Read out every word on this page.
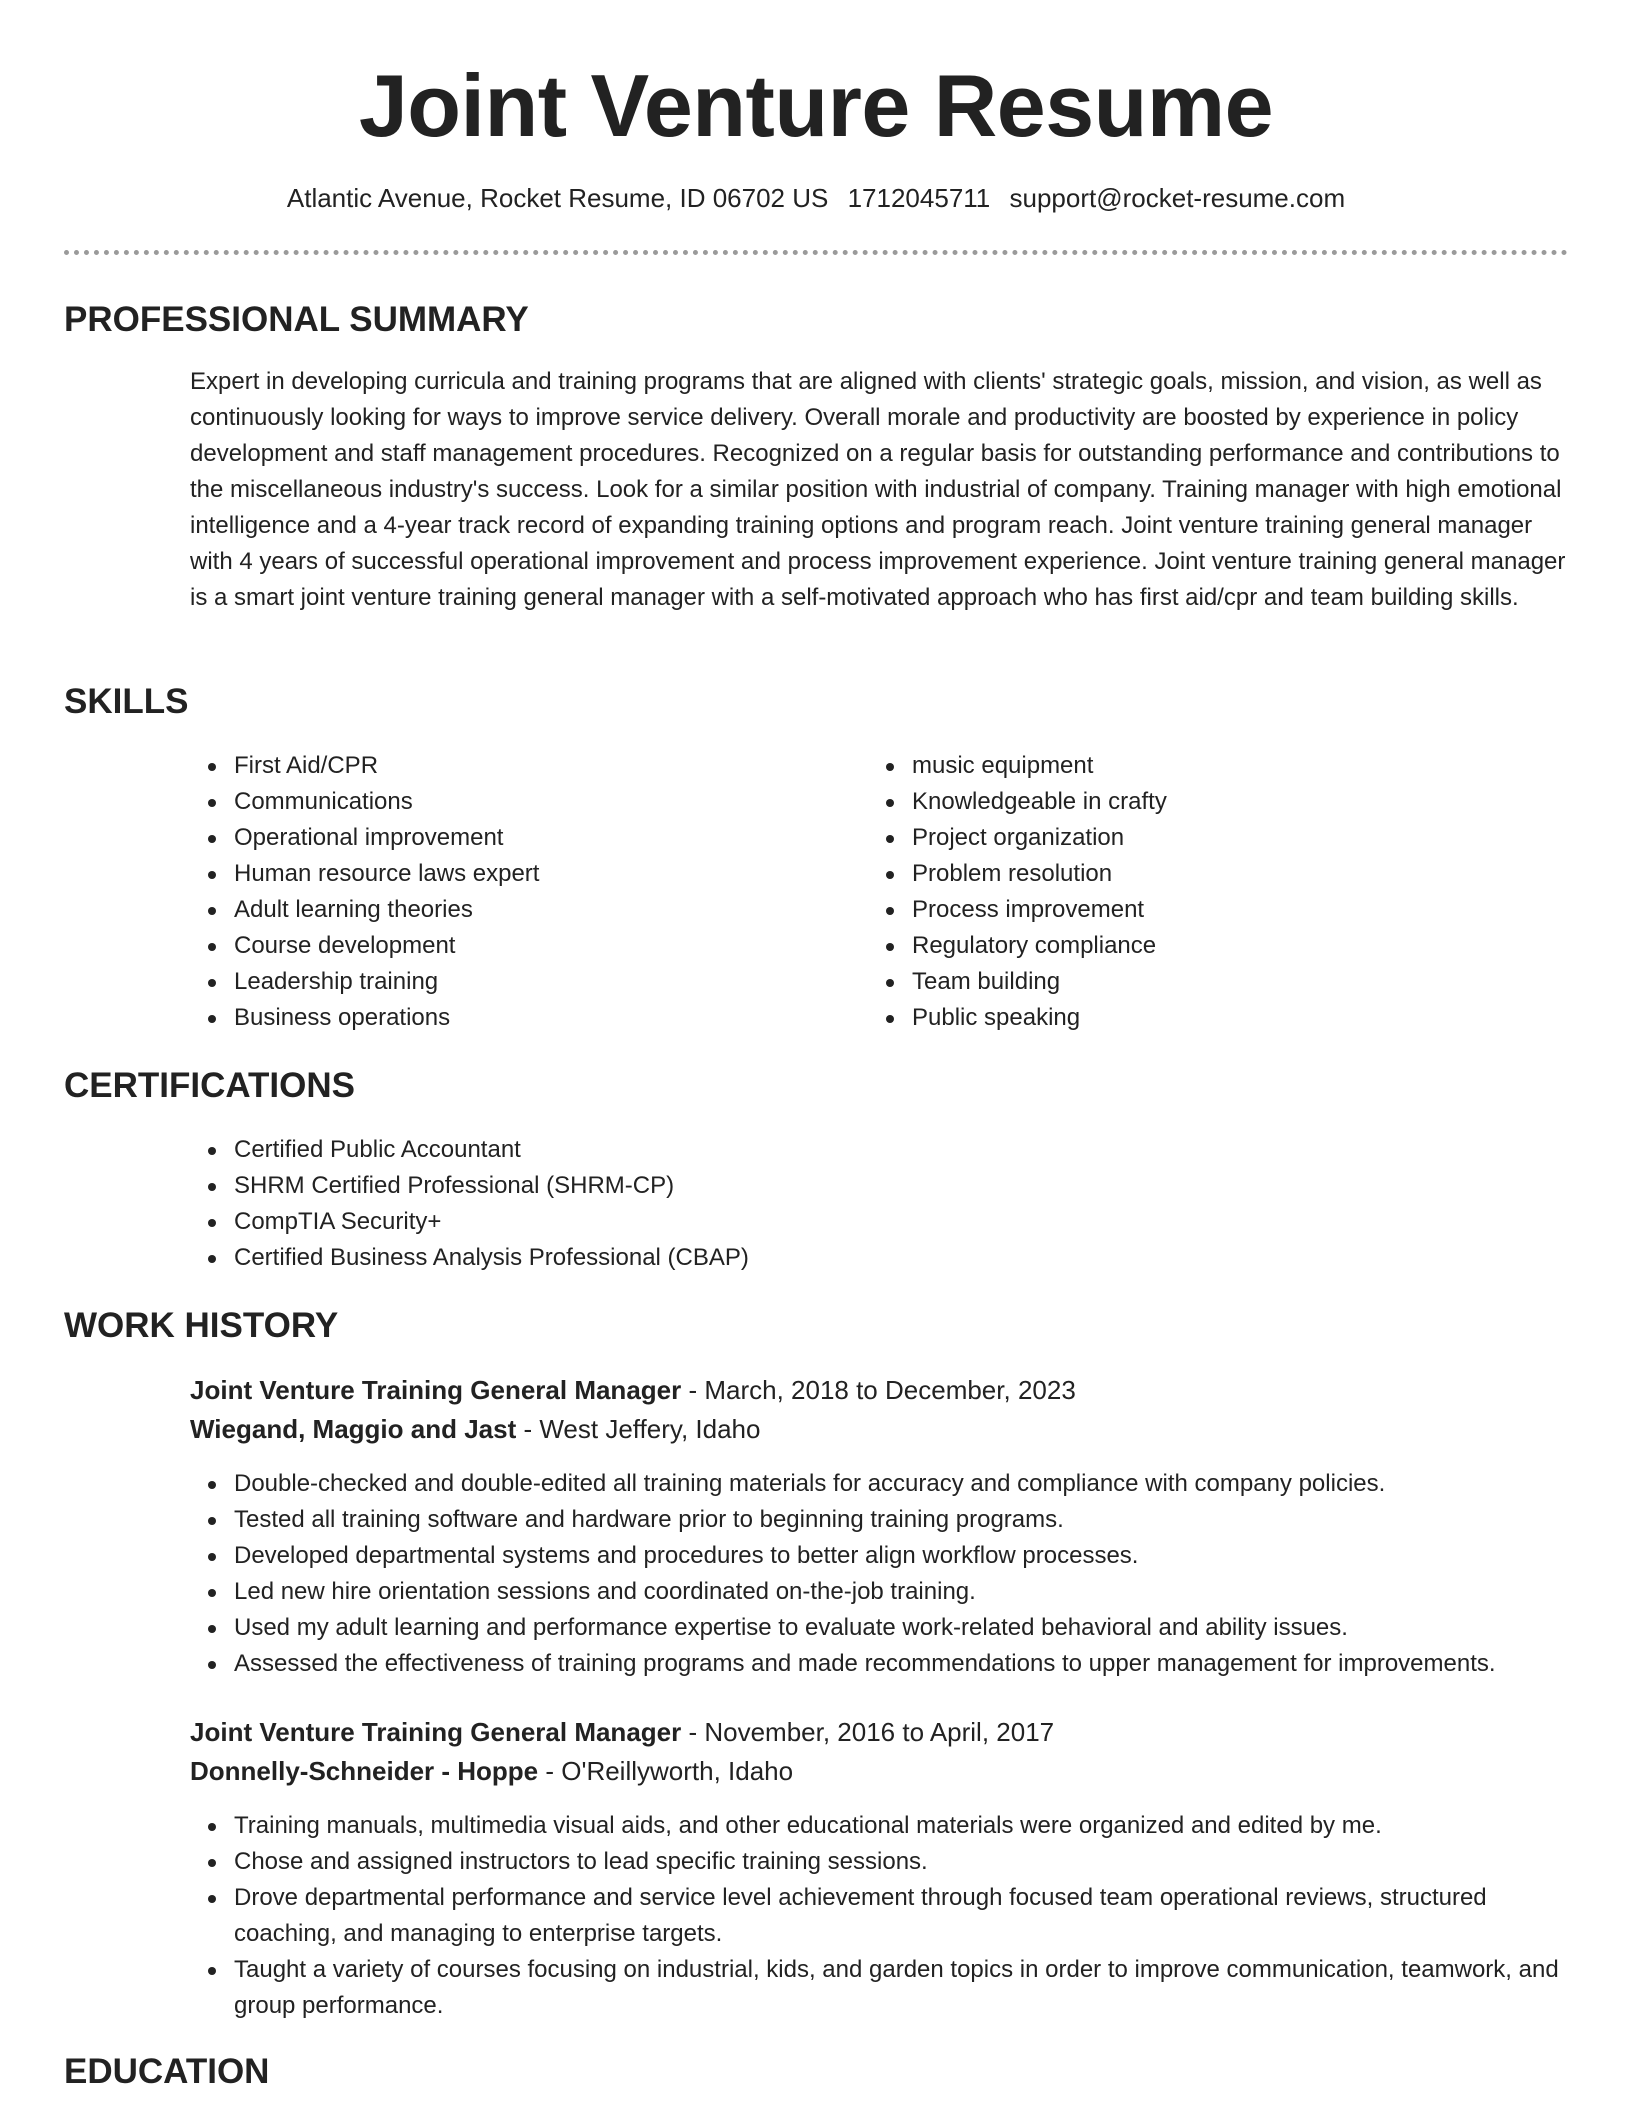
Joint Venture Resume
Atlantic Avenue, Rocket Resume, ID 06702 US 1712045711 support@rocket-resume.com
PROFESSIONAL SUMMARY

Expert in developing curricula and training programs that are aligned with clients' strategic goals, mission, and vision, as well as continuously looking for ways to improve service delivery. Overall morale and productivity are boosted by experience in policy development and staff management procedures. Recognized on a regular basis for outstanding performance and contributions to the miscellaneous industry's success. Look for a similar position with industrial of company. Training manager with high emotional intelligence and a 4-year track record of expanding training options and program reach. Joint venture training general manager with 4 years of successful operational improvement and process improvement experience. Joint venture training general manager is a smart joint venture training general manager with a self-motivated approach who has first aid/cpr and team building skills.

SKILLS
First Aid/CPR
Communications
Operational improvement
Human resource laws expert
Adult learning theories
Course development
Leadership training
Business operations
music equipment
Knowledgeable in crafty
Project organization
Problem resolution
Process improvement
Regulatory compliance
Team building
Public speaking
CERTIFICATIONS
Certified Public Accountant
SHRM Certified Professional (SHRM-CP)
CompTIA Security+
Certified Business Analysis Professional (CBAP)
WORK HISTORY
Joint Venture Training General Manager - March, 2018 to December, 2023
Wiegand, Maggio and Jast - West Jeffery, Idaho
Double-checked and double-edited all training materials for accuracy and compliance with company policies.
Tested all training software and hardware prior to beginning training programs.
Developed departmental systems and procedures to better align workflow processes.
Led new hire orientation sessions and coordinated on-the-job training.
Used my adult learning and performance expertise to evaluate work-related behavioral and ability issues.
Assessed the effectiveness of training programs and made recommendations to upper management for improvements.
Joint Venture Training General Manager - November, 2016 to April, 2017
Donnelly-Schneider - Hoppe - O'Reillyworth, Idaho
Training manuals, multimedia visual aids, and other educational materials were organized and edited by me.
Chose and assigned instructors to lead specific training sessions.
Drove departmental performance and service level achievement through focused team operational reviews, structured coaching, and managing to enterprise targets.
Taught a variety of courses focusing on industrial, kids, and garden topics in order to improve communication, teamwork, and group performance.
EDUCATION
